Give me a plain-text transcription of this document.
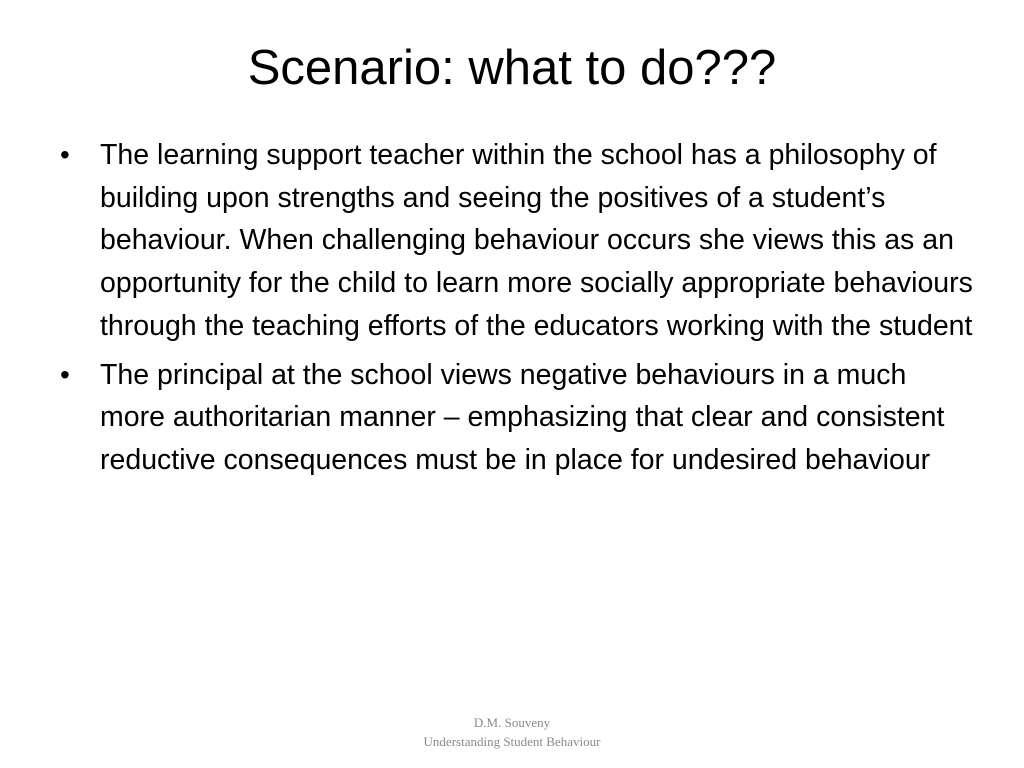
Scenario: what to do???
• The learning support teacher within the school has a philosophy of building upon strengths and seeing the positives of a student’s behaviour. When challenging behaviour occurs she views this as an opportunity for the child to learn more socially appropriate behaviours through the teaching efforts of the educators working with the student
• The principal at the school views negative behaviours in a much more authoritarian manner – emphasizing that clear and consistent reductive consequences must be in place for undesired behaviour
D.M. Souveny
Understanding Student Behaviour
